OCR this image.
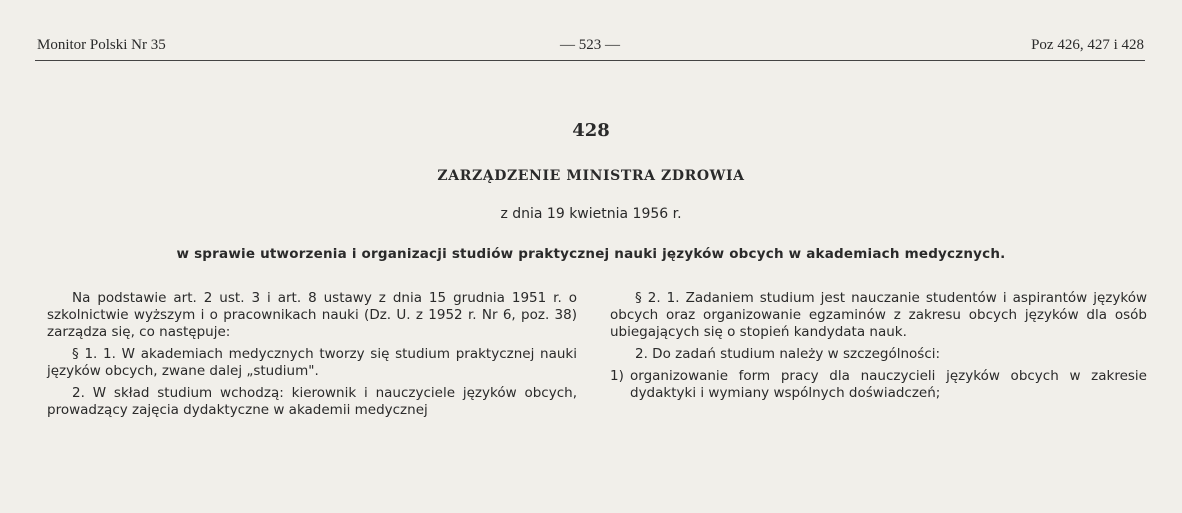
Monitor Polski Nr 35	— 523 —	Poz 426, 427 i 428
428
ZARZĄDZENIE MINISTRA ZDROWIA
z dnia 19 kwietnia 1956 r.
w sprawie utworzenia i organizacji studiów praktycznej nauki języków obcych w akademiach medycznych.

Na podstawie art. 2 ust. 3 i art. 8 ustawy z dnia 15 grudnia 1951 r. o szkolnictwie wyższym i o pracownikach nauki (Dz. U. z 1952 r. Nr 6, poz. 38) zarządza się, co następuje:

§ 1. 1. W akademiach medycznych tworzy się studium praktycznej nauki języków obcych, zwane dalej „studium".

2. W skład studium wchodzą: kierownik i nauczyciele języków obcych, prowadzący zajęcia dydaktyczne w akademii medycznej

§ 2. 1. Zadaniem studium jest nauczanie studentów i aspirantów języków obcych oraz organizowanie egzaminów z zakresu obcych języków dla osób ubiegających się o stopień kandydata nauk.

2. Do zadań studium należy w szczególności:

1) organizowanie form pracy dla nauczycieli języków obcych w zakresie dydaktyki i wymiany wspólnych doświadczeń;
